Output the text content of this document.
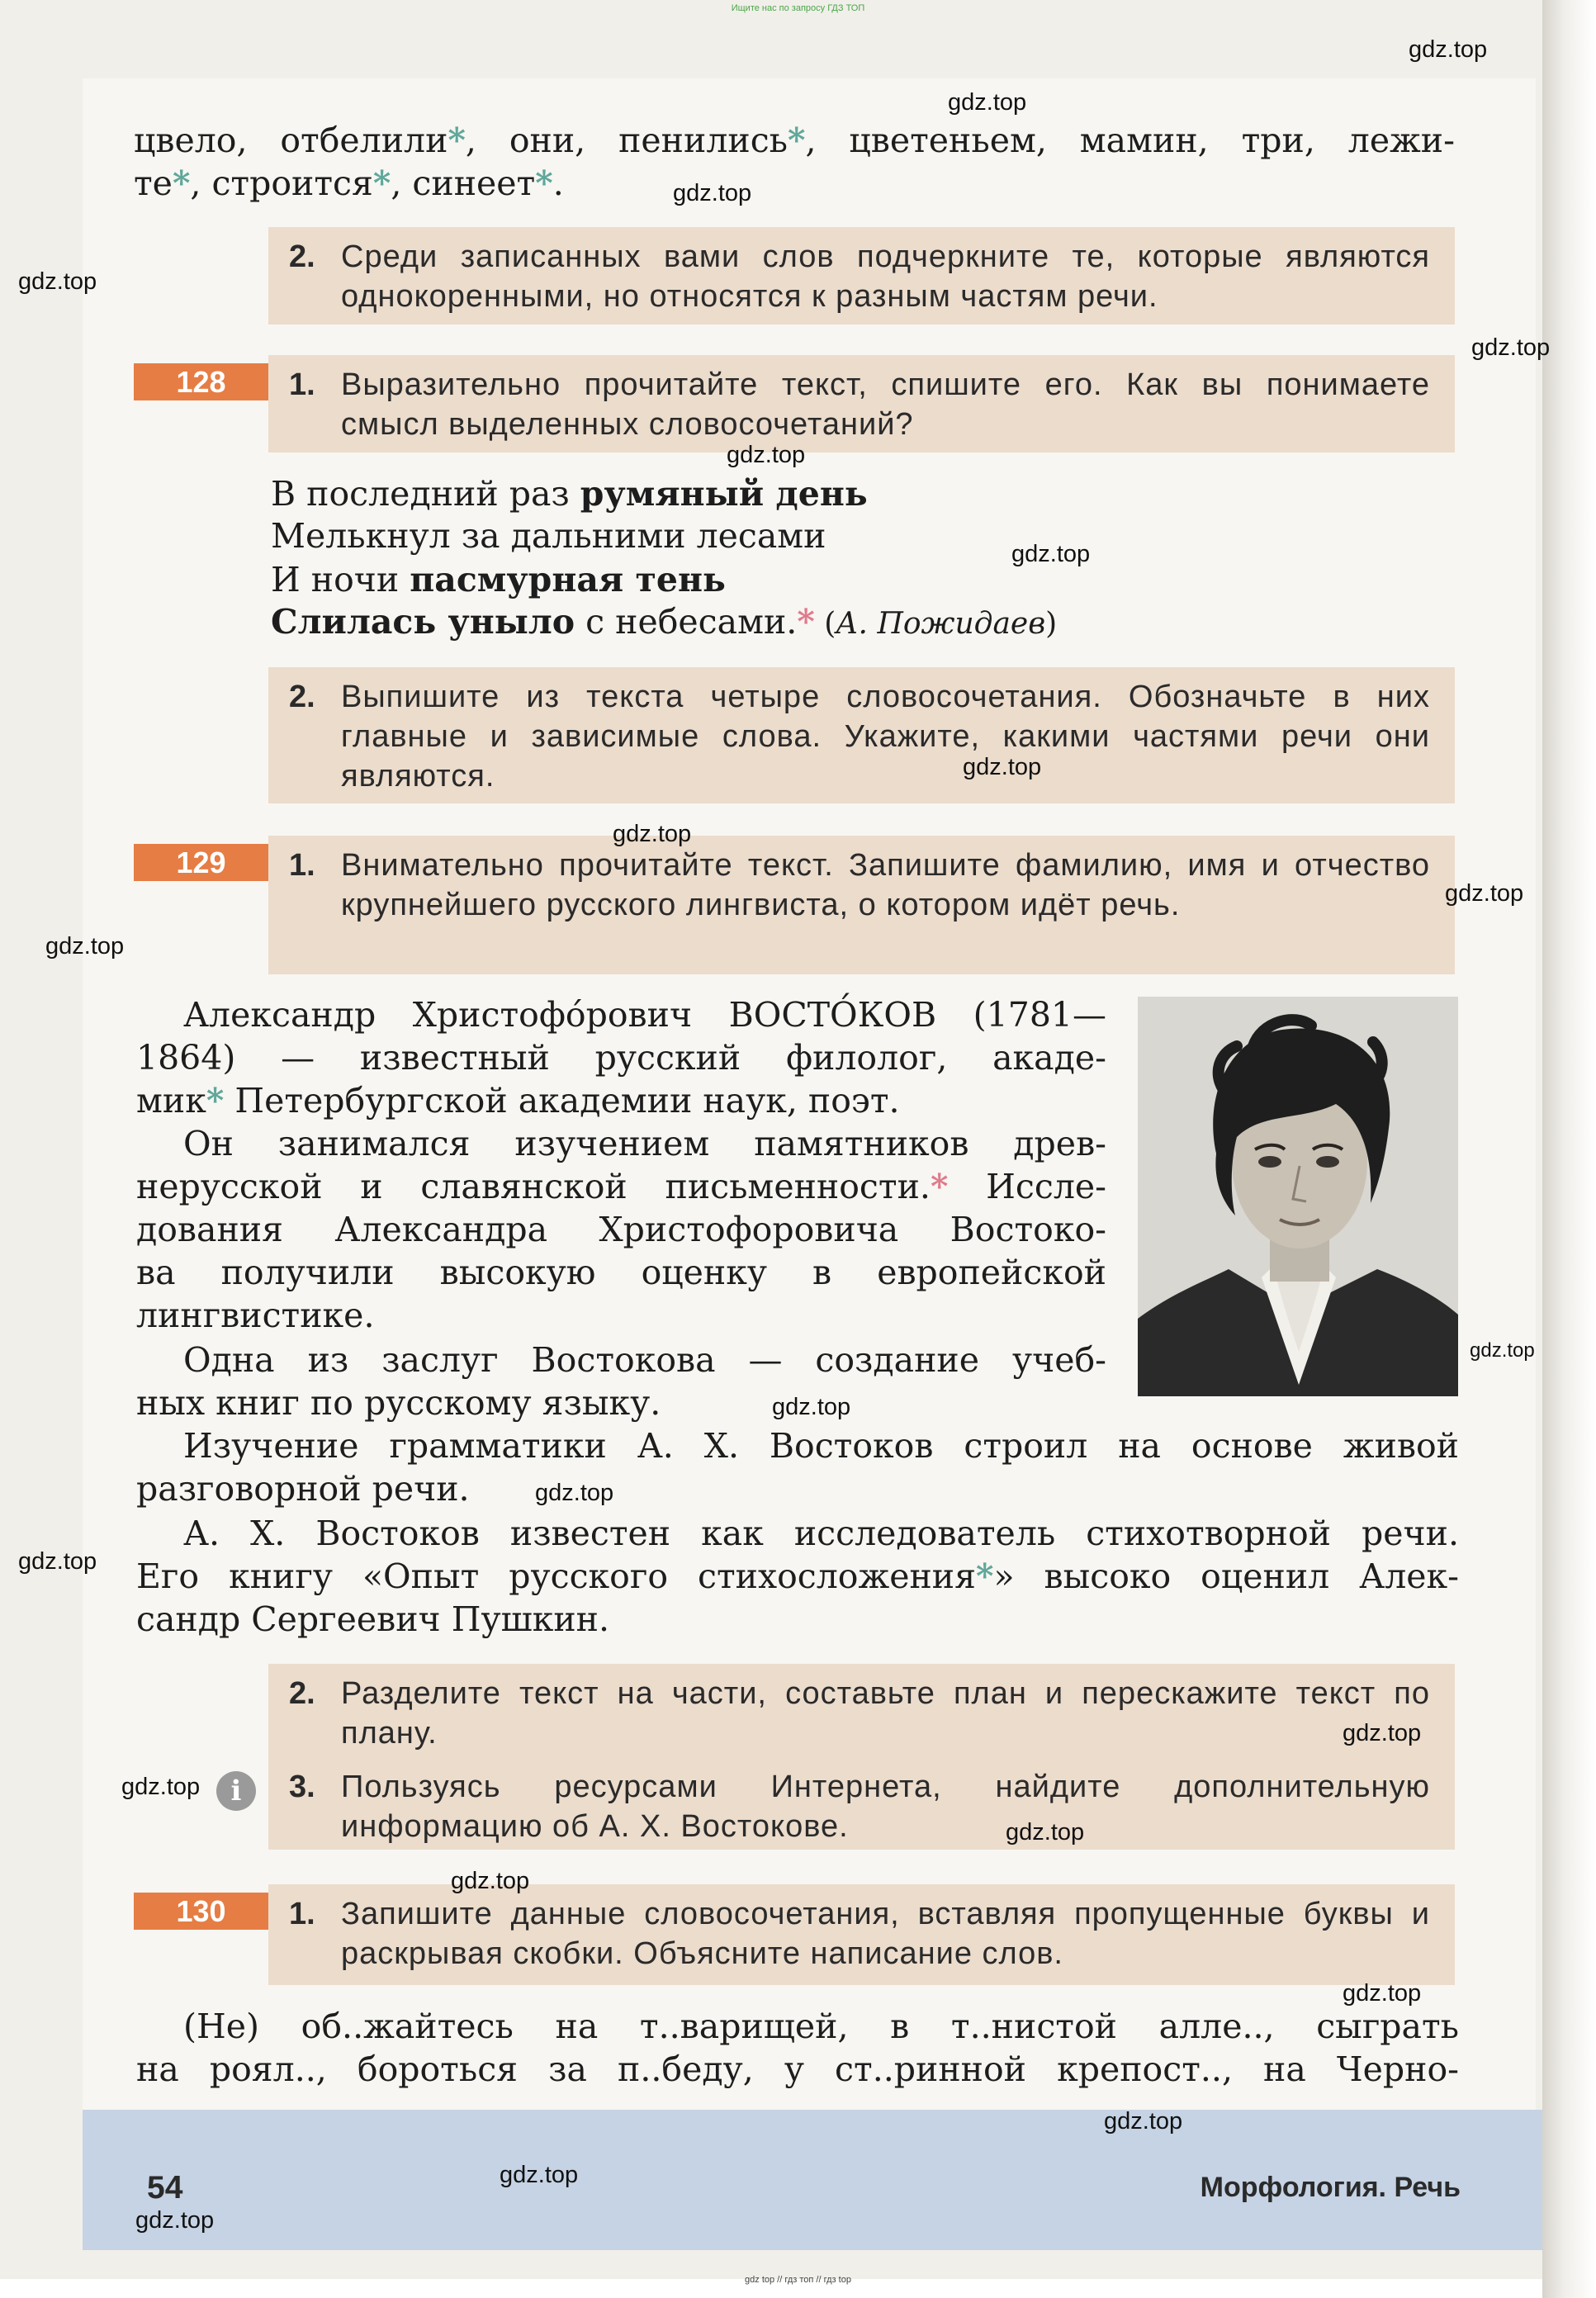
Ищите нас по запросу ГДЗ ТОП

цвело, отбелили*, они, пенились*, цветеньем, мамин, три, лежи-

те*, строится*, синеет*.

2. Среди записанных вами слов подчеркните те, которые являются однокоренными, но относятся к разным частям речи.
128	1. Выразительно прочитайте текст, спишите его. Как вы понимаете смысл выделенных словосочетаний?

В последний раз румяный день

Мелькнул за дальними лесами

И ночи пасмурная тень

Слилась уныло с небесами.* (А. Пожидаев)

2. Выпишите из текста четыре словосочетания. Обозначьте в них главные и зависимые слова. Укажите, какими частями речи они являются.
129	1. Внимательно прочитайте текст. Запишите фамилию, имя и отчество крупнейшего русского лингвиста, о котором идёт речь.

Александр Христофо́рович ВОСТО́КОВ (1781—

1864) — известный русский филолог, акаде-

мик* Петербургской академии наук, поэт.

Он занимался изучением памятников древ-

нерусской и славянской письменности.* Иссле-

дования Александра Христофоровича Востоко-

ва получили высокую оценку в европейской

лингвистике.

Одна из заслуг Востокова — создание учеб-

ных книг по русскому языку.

Изучение грамматики А. Х. Востоков строил на основе живой

разговорной речи.

А. Х. Востоков известен как исследователь стихотворной речи.

Его книгу «Опыт русского стихосложения*» высоко оценил Алек-

сандр Сергеевич Пушкин.

2. Разделите текст на части, составьте план и перескажите текст по плану.
3. Пользуясь ресурсами Интернета, найдите дополнительную информацию об А. Х. Востокове.
i
130	1. Запишите данные словосочетания, вставляя пропущенные буквы и раскрывая скобки. Объясните написание слов.

(Не) об..жайтесь на т..варищей, в т..нистой алле.., сыграть

на роял.., бороться за п..беду, у ст..ринной крепост.., на Черно-

54	Морфология. Речь
gdz.top
gdz.top
gdz.top
gdz.top
gdz.top
gdz.top
gdz.top
gdz.top
gdz.top
gdz.top
gdz.top
gdz.top
gdz.top
gdz.top
gdz.top
gdz.top
gdz.top
gdz.top
gdz.top
gdz.top
gdz.top
gdz.top
gdz.top
gdz top // гдз топ // гдз top
